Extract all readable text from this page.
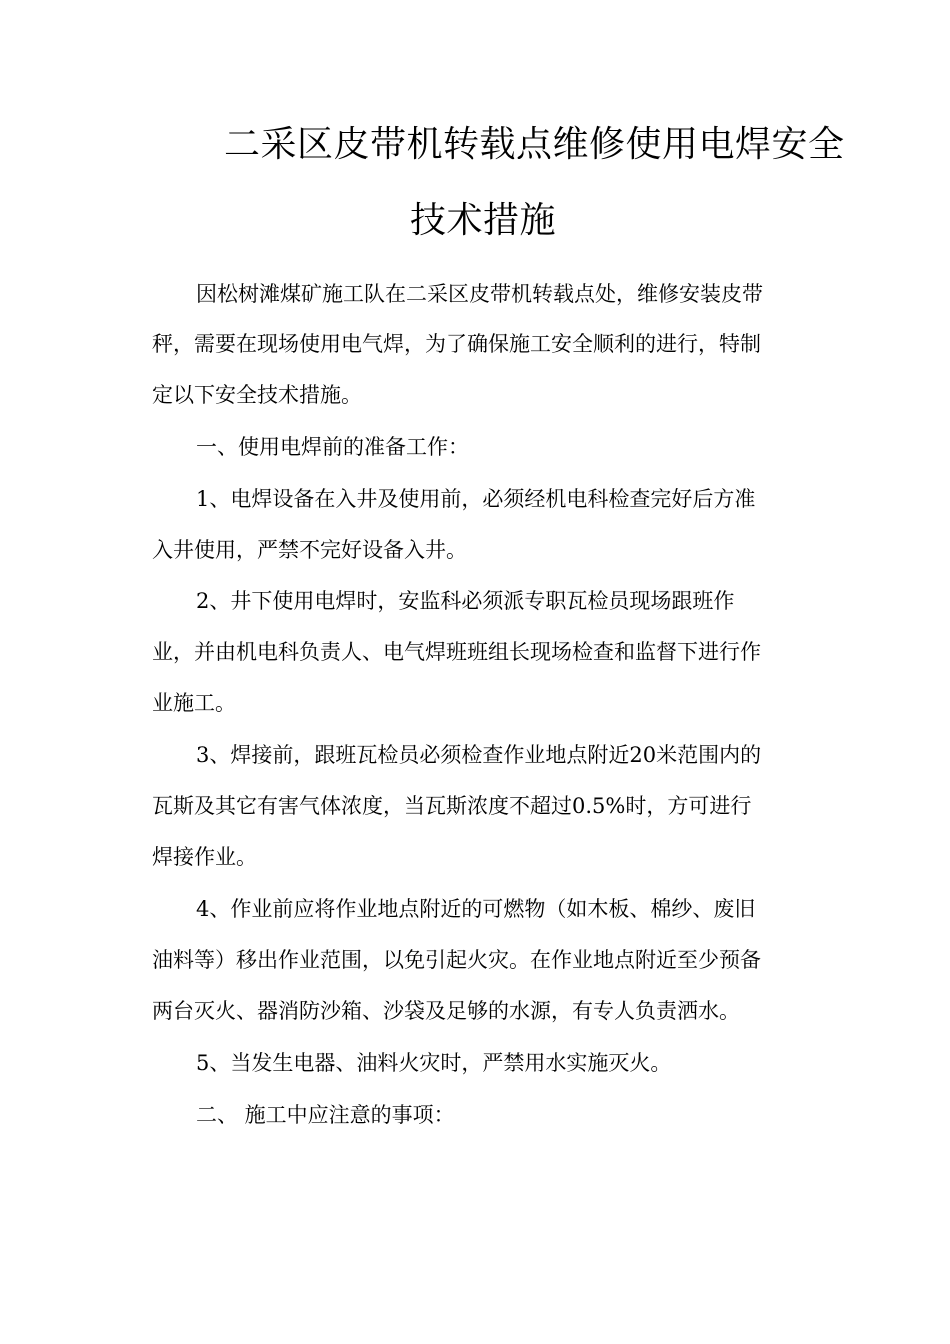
二采区皮带机转载点维修使用电焊安全
技术措施
因松树滩煤矿施工队在二采区皮带机转载点处，维修安装皮带
秤，需要在现场使用电气焊，为了确保施工安全顺利的进行，特制
定以下安全技术措施。
一、使用电焊前的准备工作：
1、电焊设备在入井及使用前，必须经机电科检查完好后方准
入井使用，严禁不完好设备入井。
2、井下使用电焊时，安监科必须派专职瓦检员现场跟班作
业，并由机电科负责人、电气焊班班组长现场检查和监督下进行作
业施工。
3、焊接前，跟班瓦检员必须检查作业地点附近20米范围内的
瓦斯及其它有害气体浓度，当瓦斯浓度不超过0.5%时，方可进行
焊接作业。
4、作业前应将作业地点附近的可燃物（如木板、棉纱、废旧
油料等）移出作业范围，以免引起火灾。在作业地点附近至少预备
两台灭火、器消防沙箱、沙袋及足够的水源，有专人负责洒水。
5、当发生电器、油料火灾时，严禁用水实施灭火。
二、 施工中应注意的事项：
